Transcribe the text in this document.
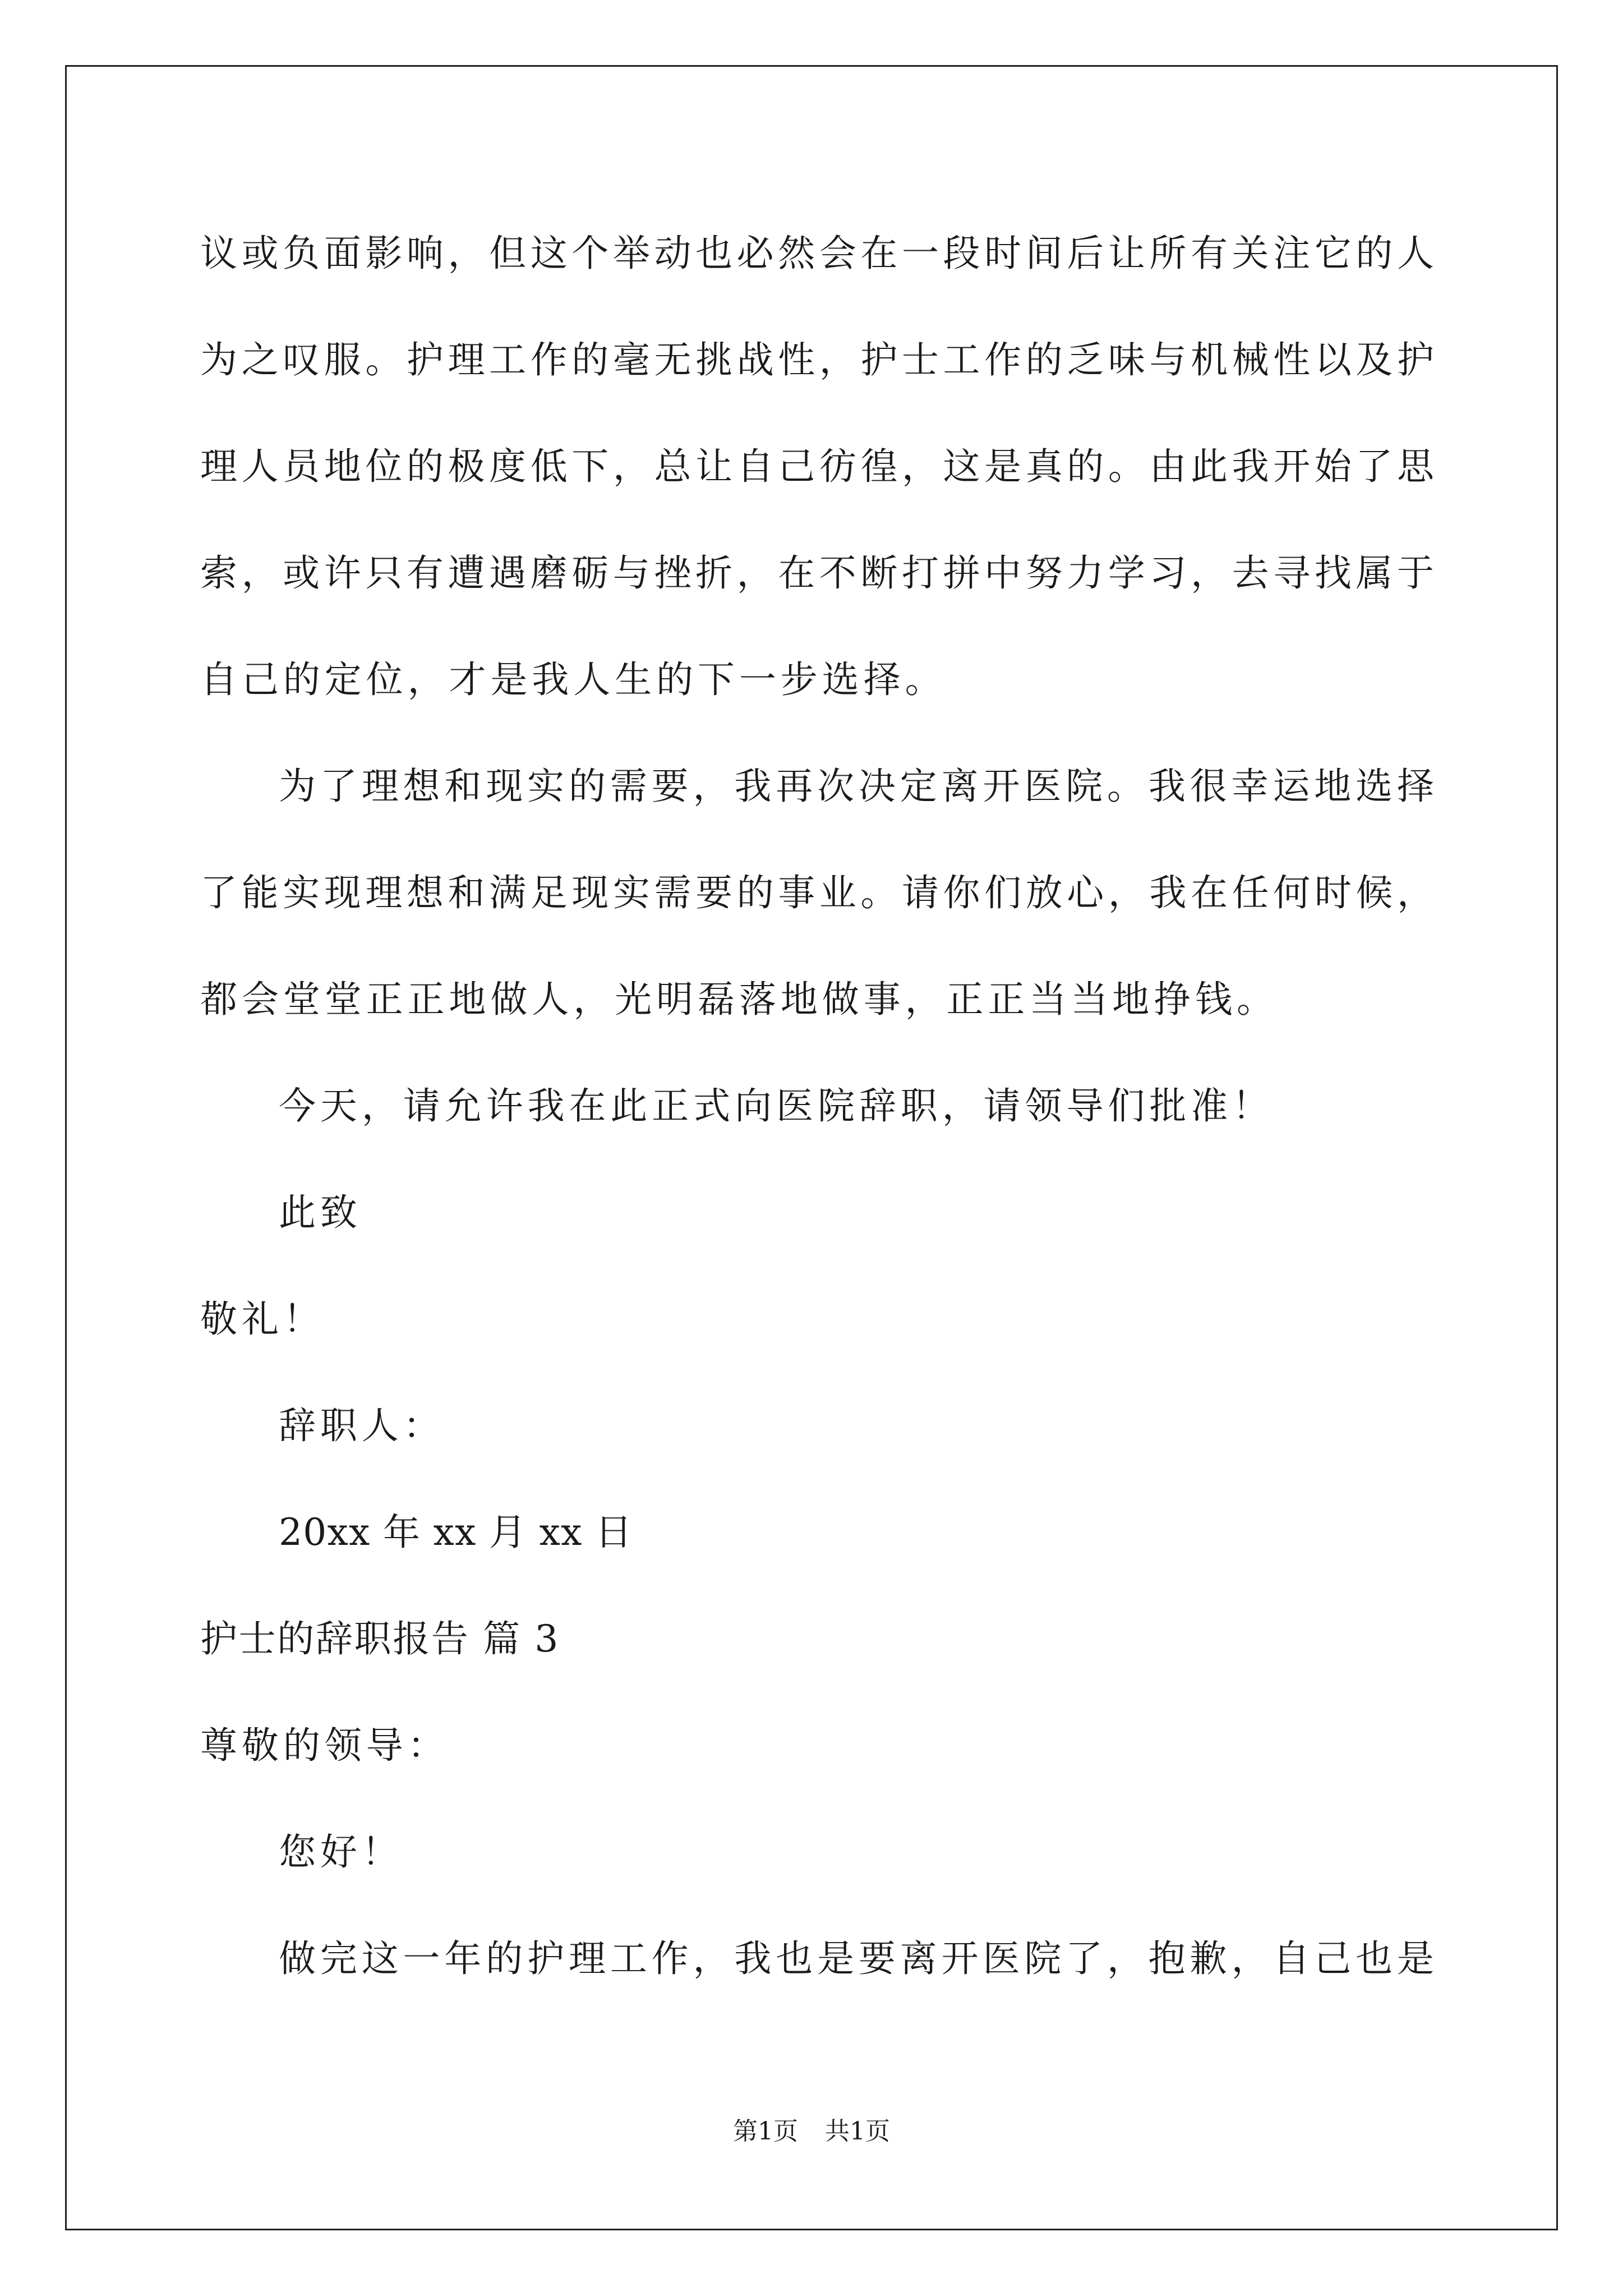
议或负面影响，但这个举动也必然会在一段时间后让所有关注它的人
为之叹服。护理工作的毫无挑战性，护士工作的乏味与机械性以及护
理人员地位的极度低下，总让自己彷徨，这是真的。由此我开始了思
索，或许只有遭遇磨砺与挫折，在不断打拼中努力学习，去寻找属于
自己的定位，才是我人生的下一步选择。
为了理想和现实的需要，我再次决定离开医院。我很幸运地选择
了能实现理想和满足现实需要的事业。请你们放心，我在任何时候，
都会堂堂正正地做人，光明磊落地做事，正正当当地挣钱。
今天，请允许我在此正式向医院辞职，请领导们批准！
此致
敬礼！
辞职人：
20xx 年 xx 月 xx 日
护士的辞职报告 篇 3
尊敬的领导：
您好！
做完这一年的护理工作，我也是要离开医院了，抱歉，自己也是
第1页 共1页
